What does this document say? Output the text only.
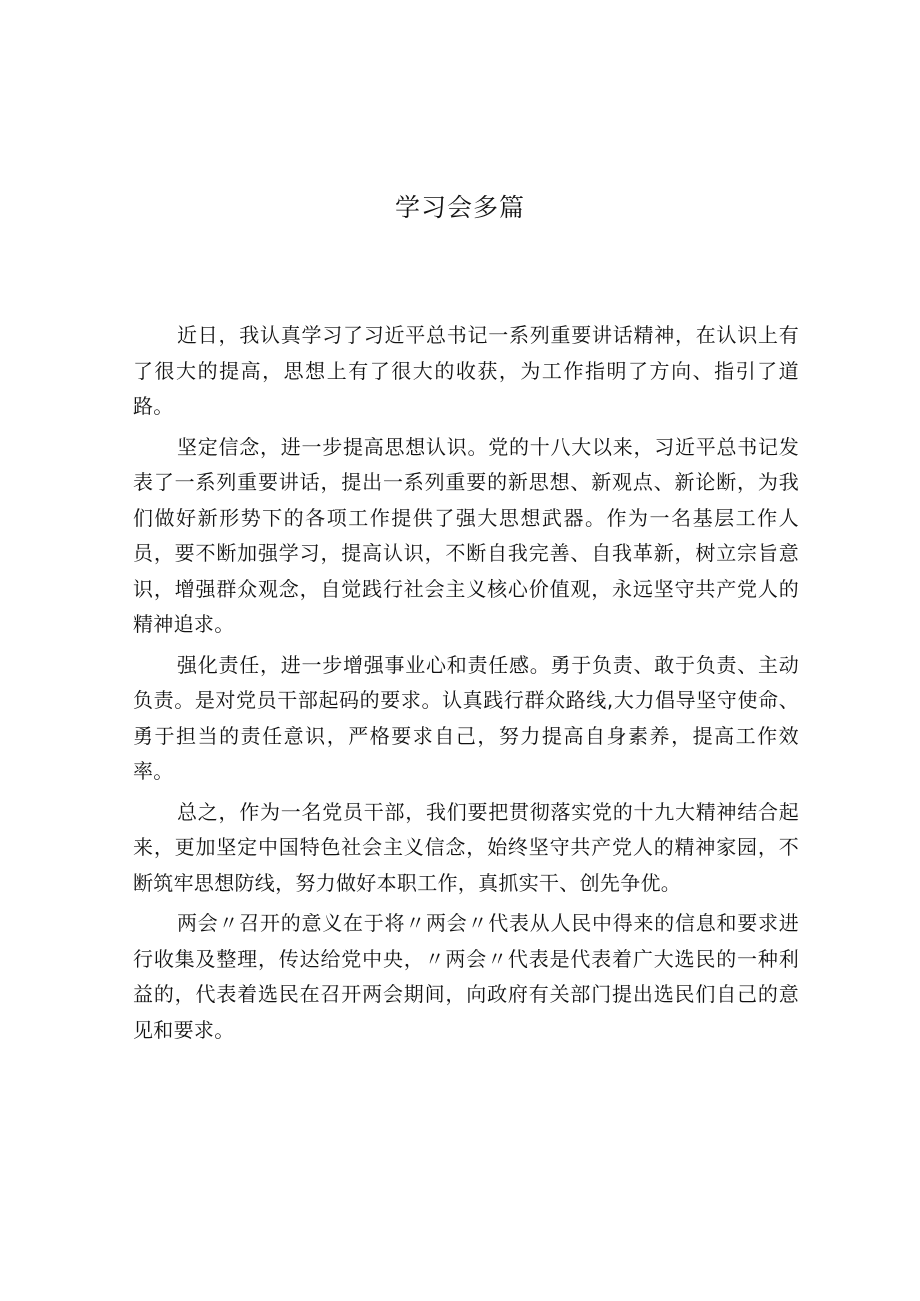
学习会多篇

近日，我认真学习了习近平总书记一系列重要讲话精神，在认识上有了很大的提高，思想上有了很大的收获，为工作指明了方向、指引了道路。

坚定信念，进一步提高思想认识。党的十八大以来，习近平总书记发表了一系列重要讲话，提出一系列重要的新思想、新观点、新论断，为我们做好新形势下的各项工作提供了强大思想武器。作为一名基层工作人员，要不断加强学习，提高认识，不断自我完善、自我革新，树立宗旨意识，增强群众观念，自觉践行社会主义核心价值观，永远坚守共产党人的精神追求。

强化责任，进一步增强事业心和责任感。勇于负责、敢于负责、主动负责。是对党员干部起码的要求。认真践行群众路线,大力倡导坚守使命、勇于担当的责任意识，严格要求自己，努力提高自身素养，提高工作效率。

总之，作为一名党员干部，我们要把贯彻落实党的十九大精神结合起来，更加坚定中国特色社会主义信念，始终坚守共产党人的精神家园，不断筑牢思想防线，努力做好本职工作，真抓实干、创先争优。

两会〃召开的意义在于将〃两会〃代表从人民中得来的信息和要求进行收集及整理，传达给党中央，〃两会〃代表是代表着广大选民的一种利益的，代表着选民在召开两会期间，向政府有关部门提出选民们自己的意见和要求。
